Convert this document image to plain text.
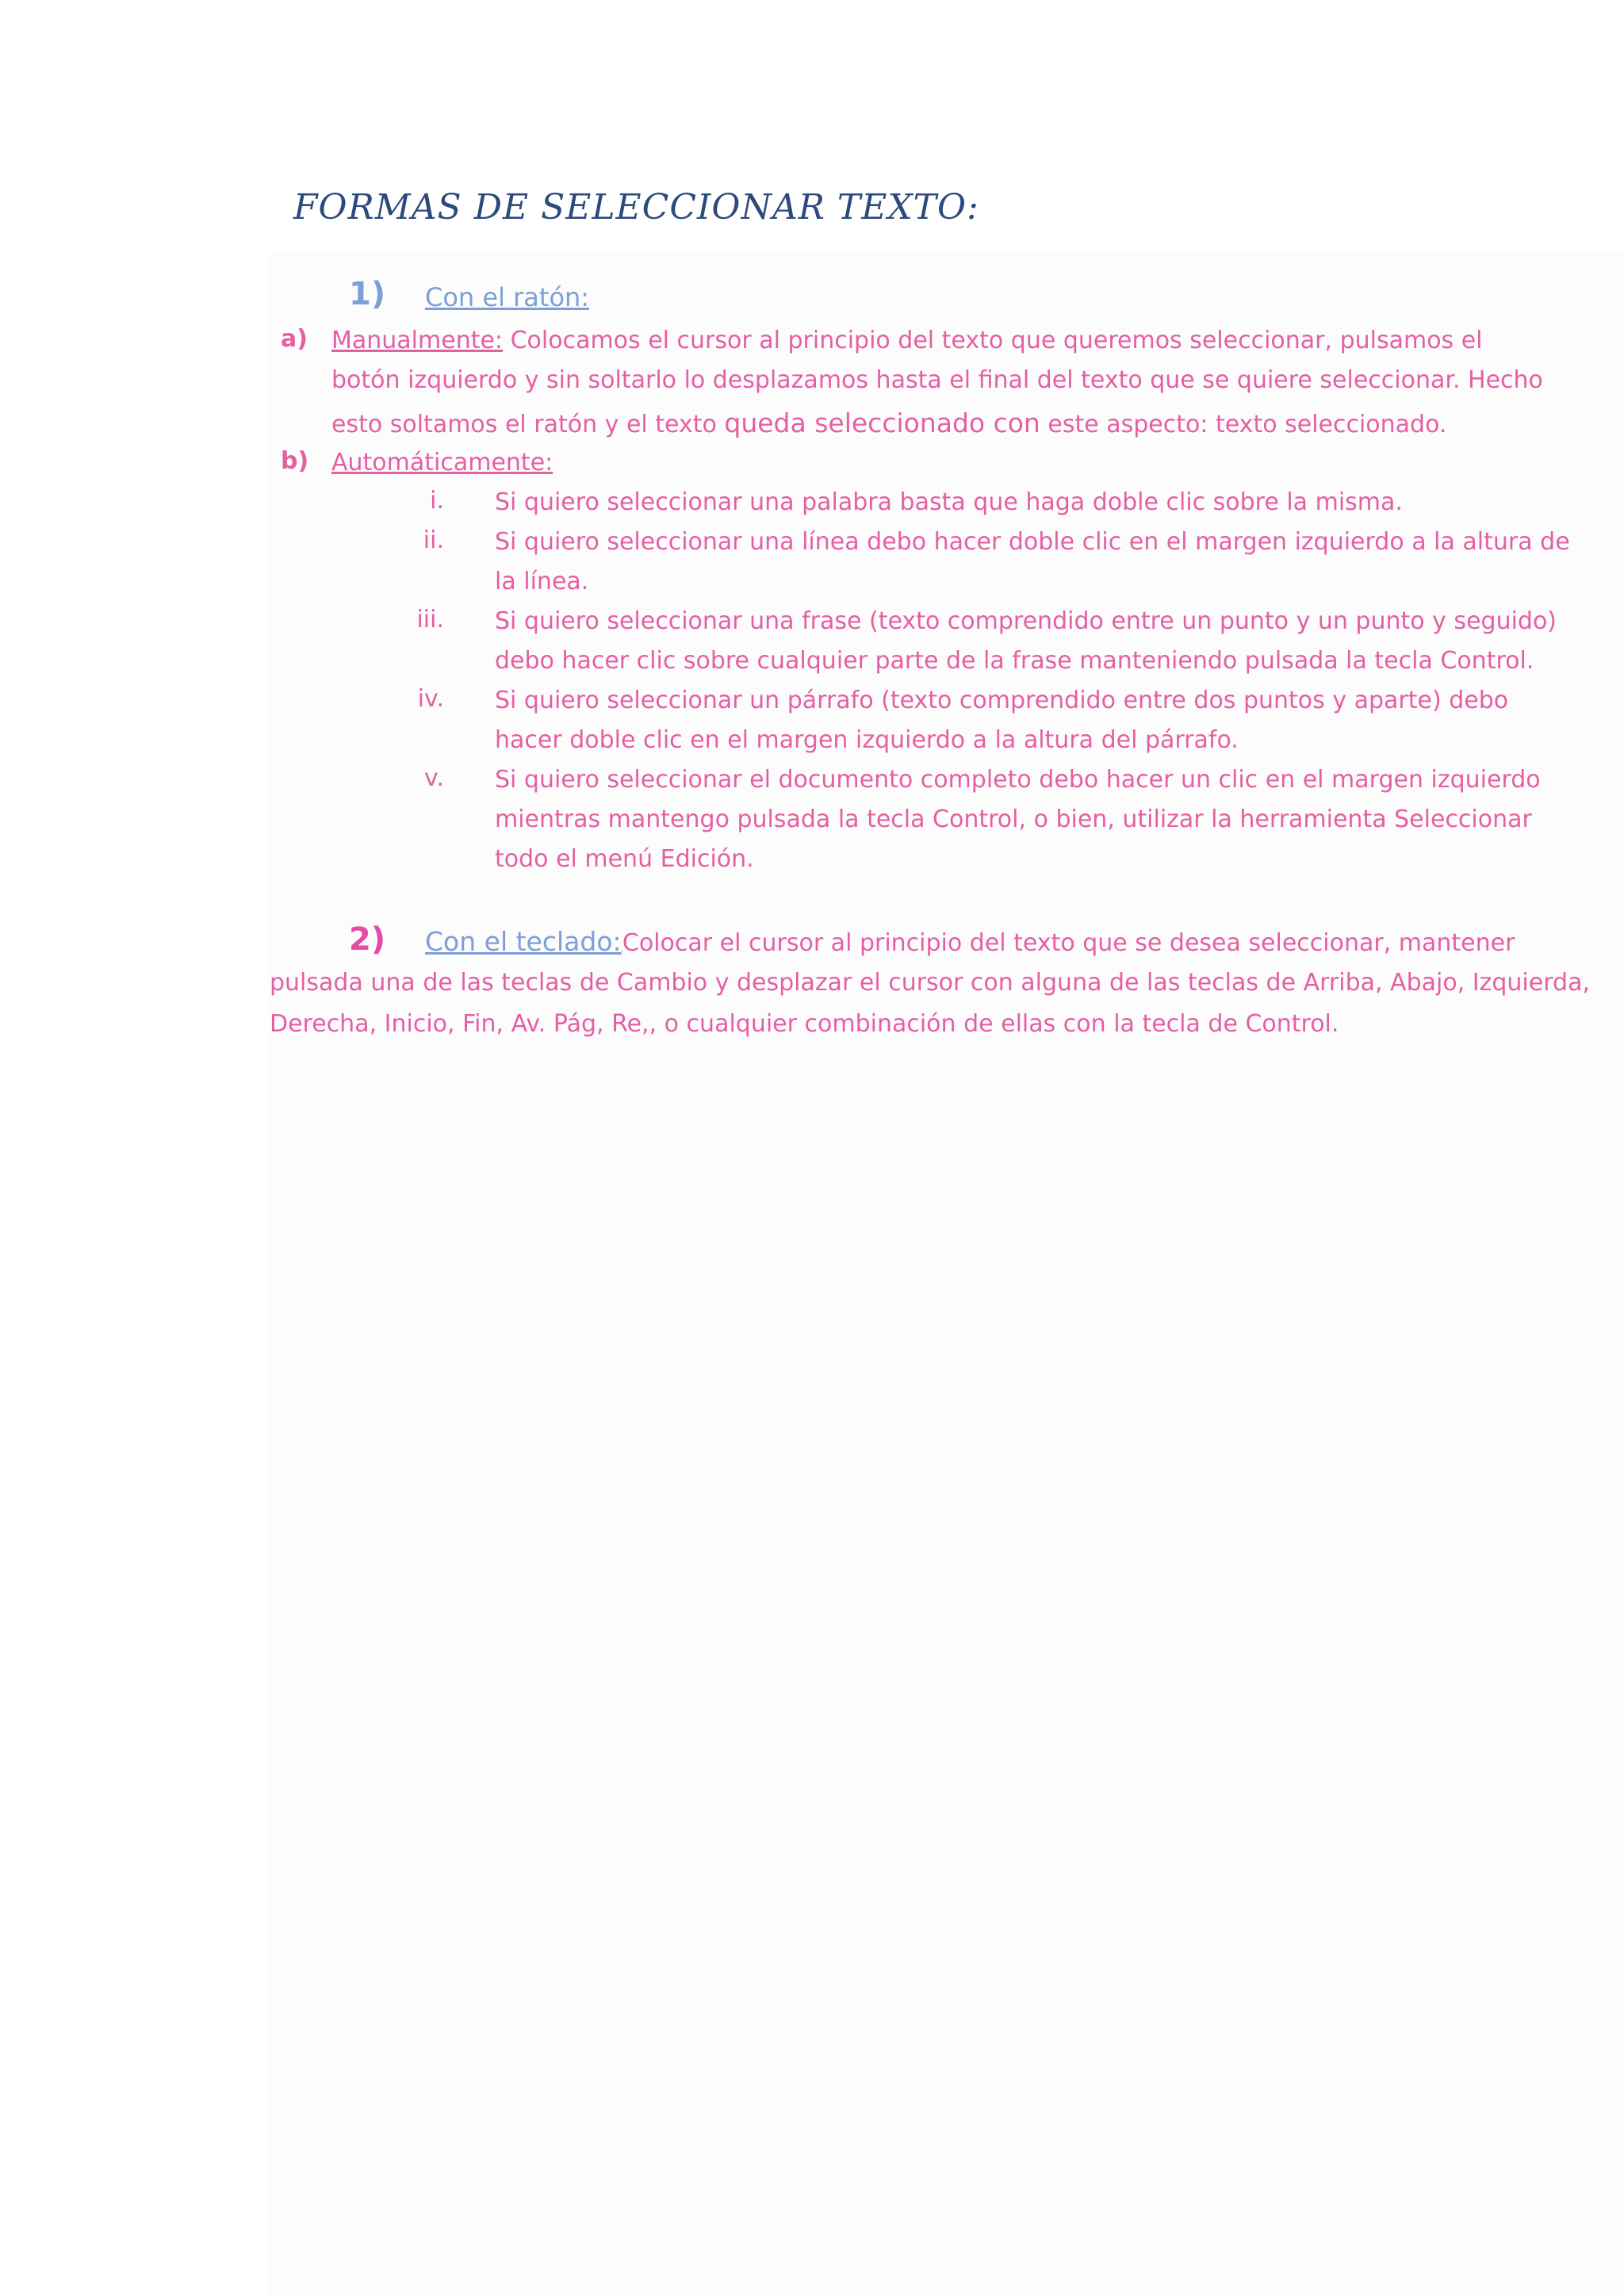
FORMAS DE SELECCIONAR TEXTO:
1) Con el ratón:
a) Manualmente: Colocamos el cursor al principio del texto que queremos seleccionar, pulsamos el
botón izquierdo y sin soltarlo lo desplazamos hasta el final del texto que se quiere seleccionar. Hecho
esto soltamos el ratón y el texto queda seleccionado con este aspecto: texto seleccionado.
b) Automáticamente:
i. Si quiero seleccionar una palabra basta que haga doble clic sobre la misma.
ii. Si quiero seleccionar una línea debo hacer doble clic en el margen izquierdo a la altura de
la línea.
iii. Si quiero seleccionar una frase (texto comprendido entre un punto y un punto y seguido)
debo hacer clic sobre cualquier parte de la frase manteniendo pulsada la tecla Control.
iv. Si quiero seleccionar un párrafo (texto comprendido entre dos puntos y aparte) debo
hacer doble clic en el margen izquierdo a la altura del párrafo.
v. Si quiero seleccionar el documento completo debo hacer un clic en el margen izquierdo
mientras mantengo pulsada la tecla Control, o bien, utilizar la herramienta Seleccionar
todo el menú Edición.
2) Con el teclado: Colocar el cursor al principio del texto que se desea seleccionar, mantener
pulsada una de las teclas de Cambio y desplazar el cursor con alguna de las teclas de Arriba, Abajo, Izquierda,
Derecha, Inicio, Fin, Av. Pág, Re,, o cualquier combinación de ellas con la tecla de Control.
